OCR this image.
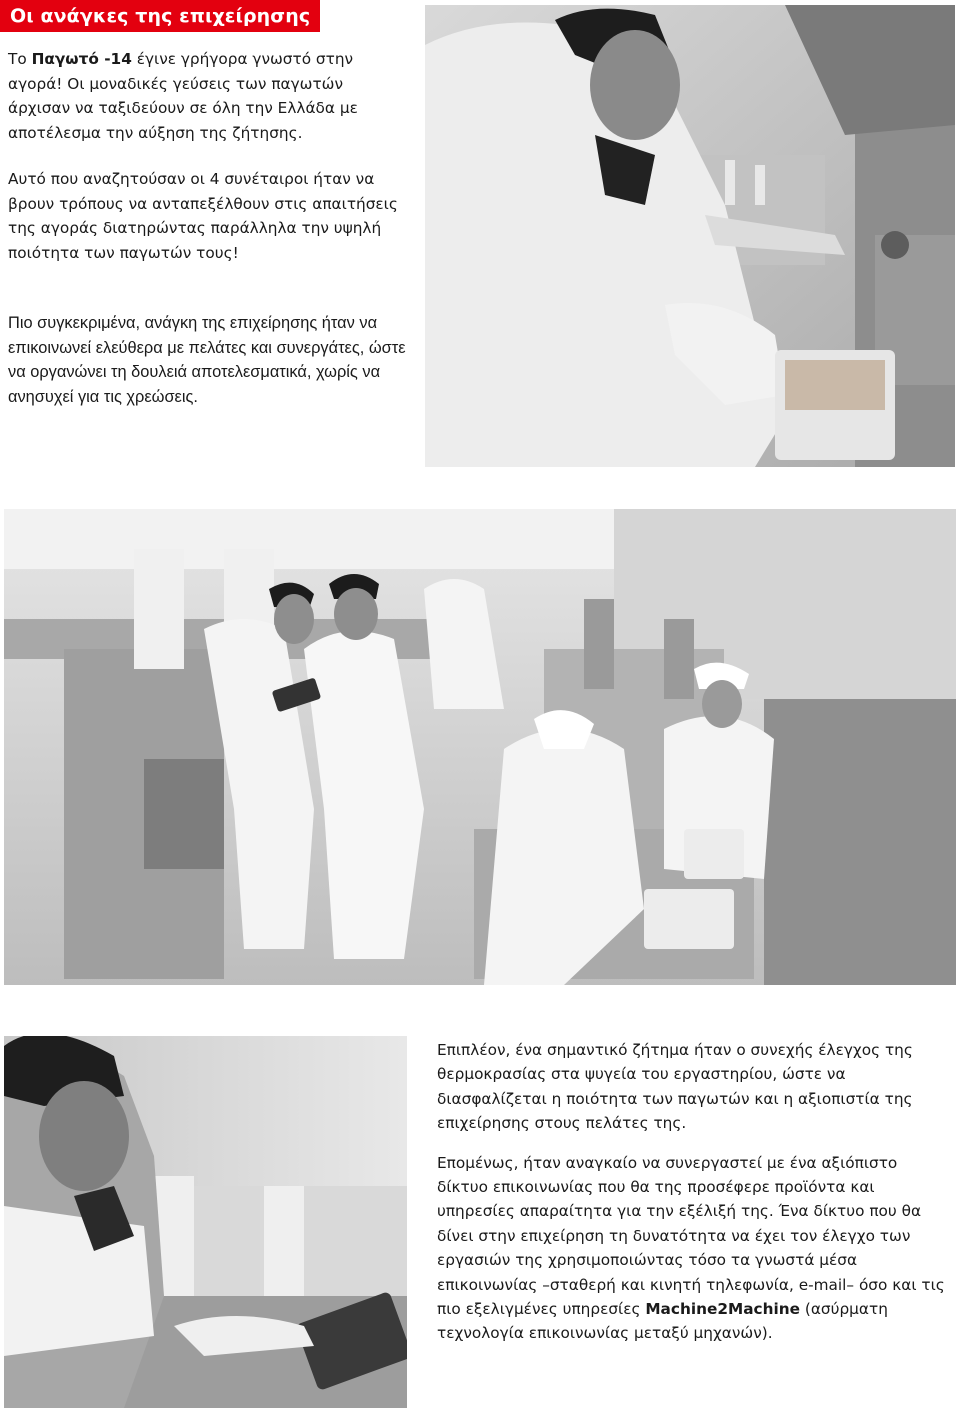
Οι ανάγκες της επιχείρησης

Το Παγωτό -14 έγινε γρήγορα γνωστό στην αγορά! Οι μοναδικές γεύσεις των παγωτών άρχισαν να ταξιδεύουν σε όλη την Ελλάδα με αποτέλεσμα την αύξηση της ζήτησης.

Αυτό που αναζητούσαν οι 4 συνέταιροι ήταν να βρουν τρόπους να ανταπεξέλθουν στις απαιτήσεις της αγοράς διατηρώντας παράλληλα την υψηλή ποιότητα των παγωτών τους!

Πιο συγκεκριμένα, ανάγκη της επιχείρησης ήταν να επικοινωνεί ελεύθερα με πελάτες και συνεργάτες, ώστε να οργανώνει τη δουλειά αποτελεσματικά, χωρίς να ανησυχεί για τις χρεώσεις.

Επιπλέον, ένα σημαντικό ζήτημα ήταν ο συνεχής έλεγχος της θερμοκρασίας στα ψυγεία του εργαστηρίου, ώστε να διασφαλίζεται η ποιότητα των παγωτών και η αξιοπιστία της επιχείρησης στους πελάτες της.

Επομένως, ήταν αναγκαίο να συνεργαστεί με ένα αξιόπιστο δίκτυο επικοινωνίας που θα της προσέφερε προϊόντα και υπηρεσίες απαραίτητα για την εξέλιξή της. Ένα δίκτυο που θα δίνει στην επιχείρηση τη δυνατότητα να έχει τον έλεγχο των εργασιών της χρησιμοποιώντας τόσο τα γνωστά μέσα επικοινωνίας –σταθερή και κινητή τηλεφωνία, e-mail– όσο και τις πιο εξελιγμένες υπηρεσίες Machine2Machine (ασύρματη τεχνολογία επικοινωνίας μεταξύ μηχανών).
